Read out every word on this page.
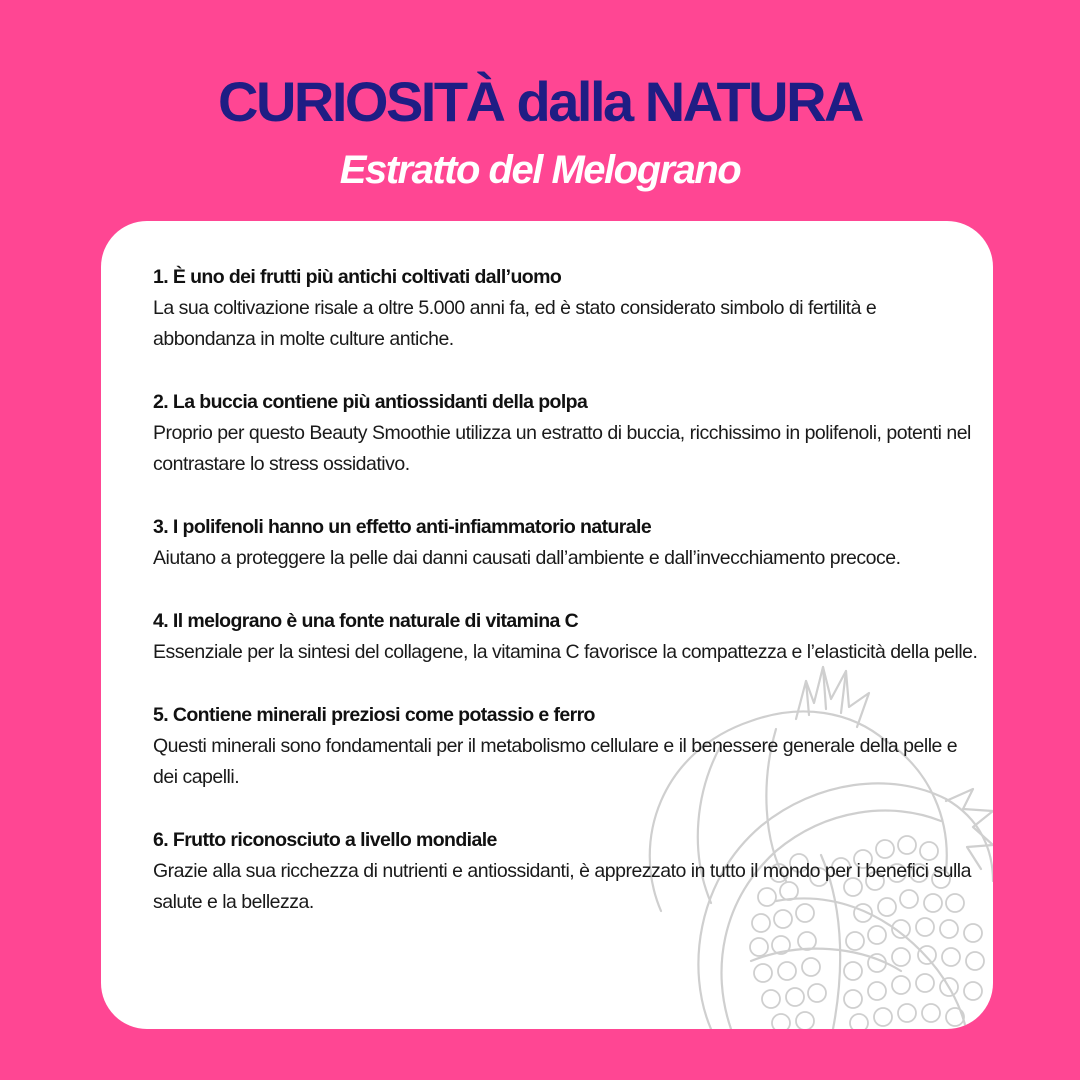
CURIOSITÀ dalla NATURA
Estratto del Melograno
1. È uno dei frutti più antichi coltivati dall’uomo
La sua coltivazione risale a oltre 5.000 anni fa, ed è stato considerato simbolo di fertilità e abbondanza in molte culture antiche.
2. La buccia contiene più antiossidanti della polpa
Proprio per questo Beauty Smoothie utilizza un estratto di buccia, ricchissimo in polifenoli, potenti nel contrastare lo stress ossidativo.
3. I polifenoli hanno un effetto anti-infiammatorio naturale
Aiutano a proteggere la pelle dai danni causati dall’ambiente e dall’invecchiamento precoce.
4. Il melograno è una fonte naturale di vitamina C
Essenziale per la sintesi del collagene, la vitamina C favorisce la compattezza e l’elasticità della pelle.
5. Contiene minerali preziosi come potassio e ferro
Questi minerali sono fondamentali per il metabolismo cellulare e il benessere generale della pelle e dei capelli.
6. Frutto riconosciuto a livello mondiale
Grazie alla sua ricchezza di nutrienti e antiossidanti, è apprezzato in tutto il mondo per i benefici sulla salute e la bellezza.
